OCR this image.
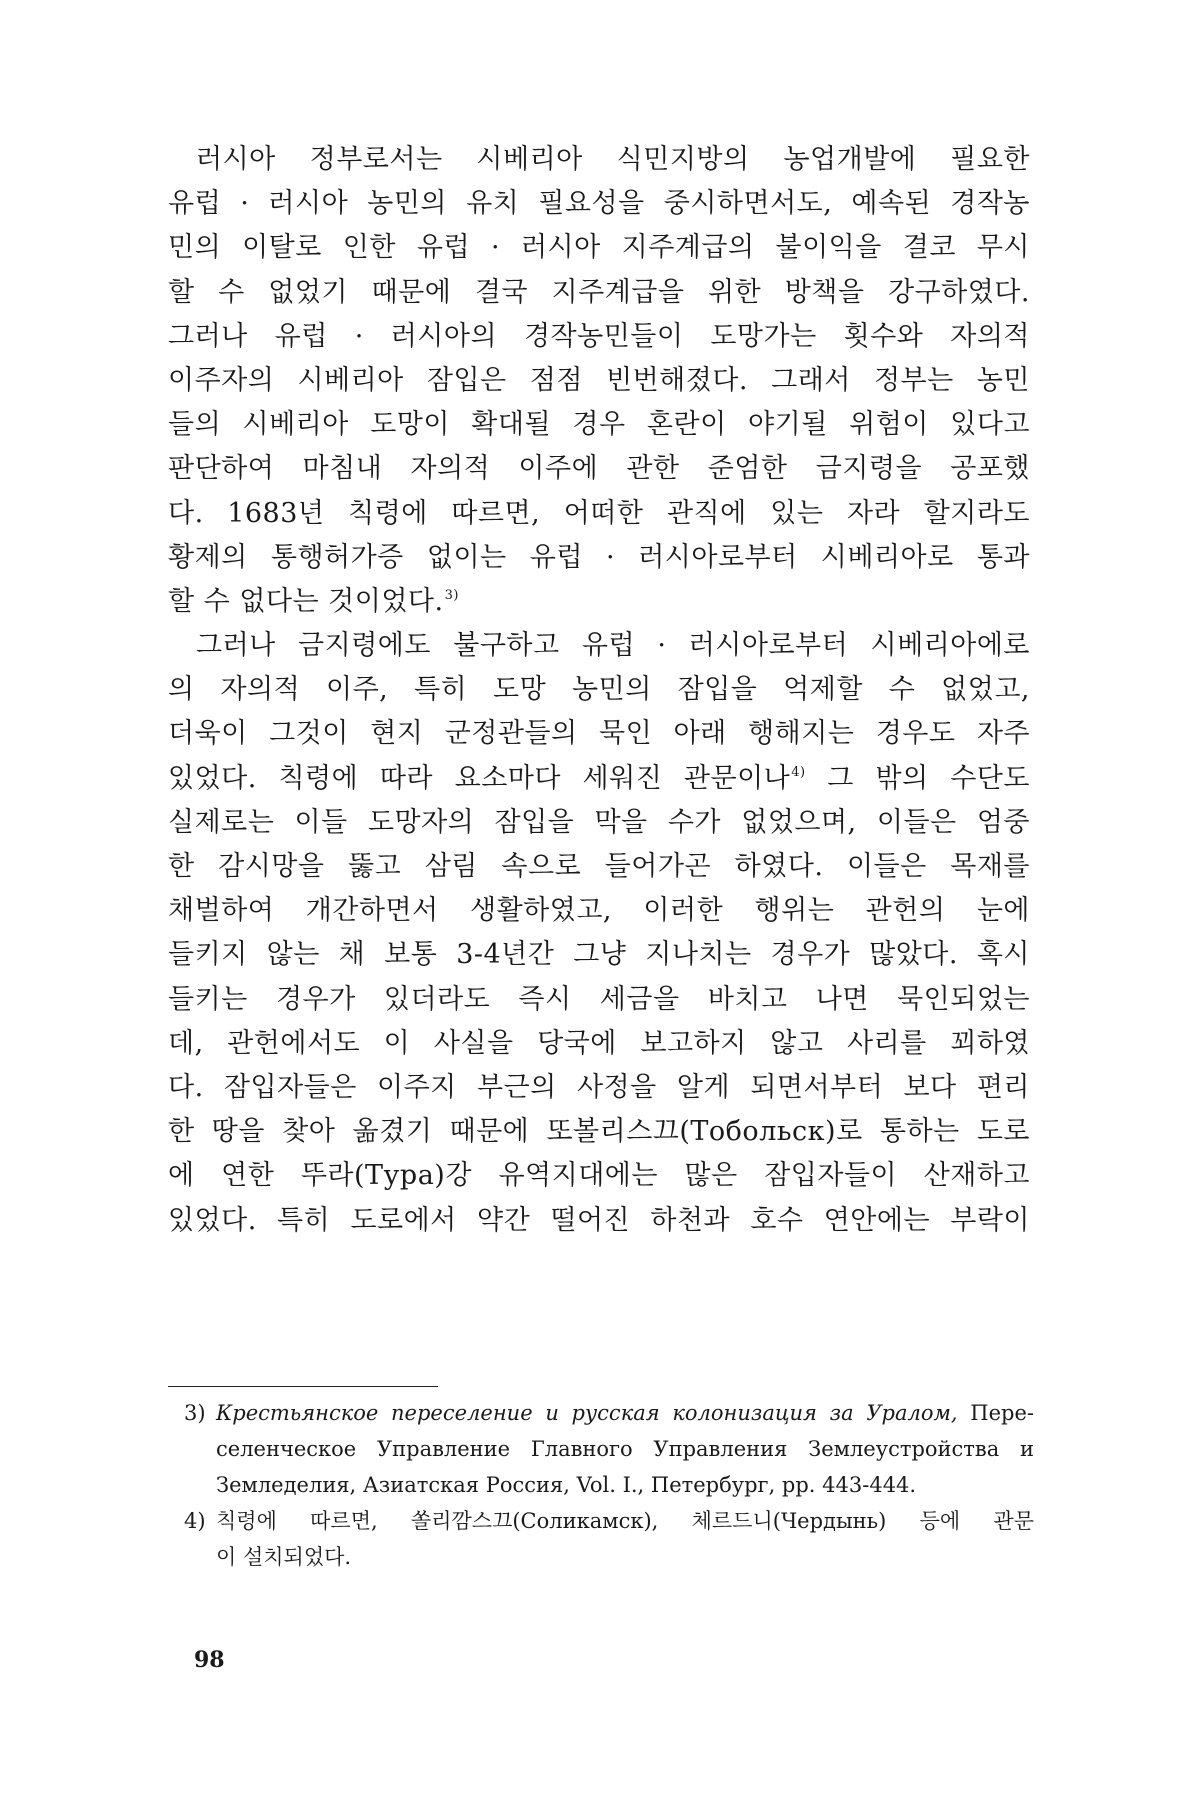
러시아 정부로서는 시베리아 식민지방의 농업개발에 필요한
유럽 · 러시아 농민의 유치 필요성을 중시하면서도, 예속된 경작농
민의 이탈로 인한 유럽 · 러시아 지주계급의 불이익을 결코 무시
할 수 없었기 때문에 결국 지주계급을 위한 방책을 강구하였다.
그러나 유럽 · 러시아의 경작농민들이 도망가는 횟수와 자의적
이주자의 시베리아 잠입은 점점 빈번해졌다. 그래서 정부는 농민
들의 시베리아 도망이 확대될 경우 혼란이 야기될 위험이 있다고
판단하여 마침내 자의적 이주에 관한 준엄한 금지령을 공포했
다. 1683년 칙령에 따르면, 어떠한 관직에 있는 자라 할지라도
황제의 통행허가증 없이는 유럽 · 러시아로부터 시베리아로 통과
할 수 없다는 것이었다.$^{3)}$
그러나 금지령에도 불구하고 유럽 · 러시아로부터 시베리아에로
의 자의적 이주, 특히 도망 농민의 잠입을 억제할 수 없었고,
더욱이 그것이 현지 군정관들의 묵인 아래 행해지는 경우도 자주
있었다. 칙령에 따라 요소마다 세워진 관문이나$^{4)}$ 그 밖의 수단도
실제로는 이들 도망자의 잠입을 막을 수가 없었으며, 이들은 엄중
한 감시망을 뚫고 삼림 속으로 들어가곤 하였다. 이들은 목재를
채벌하여 개간하면서 생활하였고, 이러한 행위는 관헌의 눈에
들키지 않는 채 보통 3-4년간 그냥 지나치는 경우가 많았다. 혹시
들키는 경우가 있더라도 즉시 세금을 바치고 나면 묵인되었는
데, 관헌에서도 이 사실을 당국에 보고하지 않고 사리를 꾀하였
다. 잠입자들은 이주지 부근의 사정을 알게 되면서부터 보다 편리
한 땅을 찾아 옮겼기 때문에 또볼리스끄(Тобольск)로 통하는 도로
에 연한 뚜라(Тура)강 유역지대에는 많은 잠입자들이 산재하고
있었다. 특히 도로에서 약간 떨어진 하천과 호수 연안에는 부락이
3) Крестьянское переселение и русская колонизация за Уралом, Пере-
селенческое Управление Главного Управления Землеустройства и
Земледелия, Азиатская Россия, Vol. I., Петербург, pp. 443-444.
4) 칙령에 따르면, 쏠리깜스끄(Соликамск), 체르드니(Чердынь) 등에 관문
이 설치되었다.
98
